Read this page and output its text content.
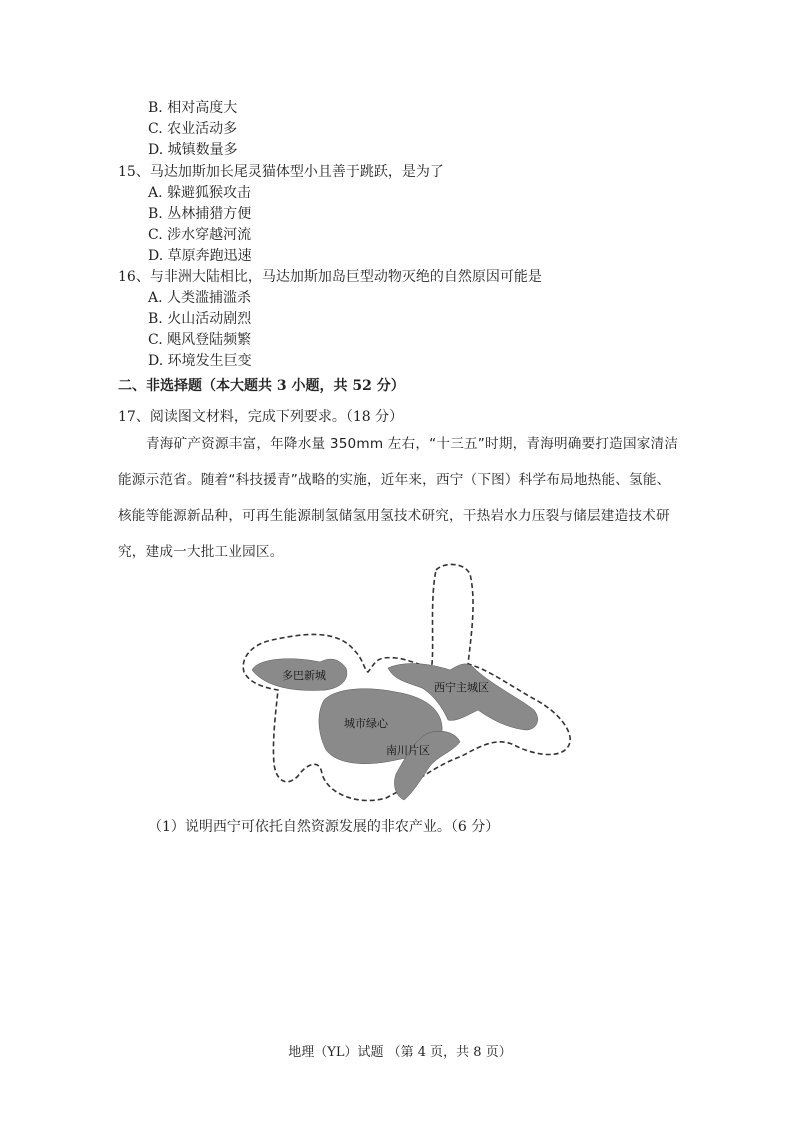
B. 相对高度大
C. 农业活动多
D. 城镇数量多
15、马达加斯加长尾灵猫体型小且善于跳跃，是为了
A. 躲避狐猴攻击
B. 丛林捕猎方便
C. 涉水穿越河流
D. 草原奔跑迅速
16、与非洲大陆相比，马达加斯加岛巨型动物灭绝的自然原因可能是
A. 人类滥捕滥杀
B. 火山活动剧烈
C. 飓风登陆频繁
D. 环境发生巨变
二、非选择题（本大题共 3 小题，共 52 分）
17、阅读图文材料，完成下列要求。（18 分）
青海矿产资源丰富，年降水量 350mm 左右，“十三五”时期，青海明确要打造国家清洁
能源示范省。随着“科技援青”战略的实施，近年来，西宁（下图）科学布局地热能、氢能、
核能等能源新品种，可再生能源制氢储氢用氢技术研究，干热岩水力压裂与储层建造技术研
究，建成一大批工业园区。
多巴新城
西宁主城区
城市绿心
南川片区
（1）说明西宁可依托自然资源发展的非农产业。（6 分）
地理（YL）试题 （第 4 页，共 8 页）
